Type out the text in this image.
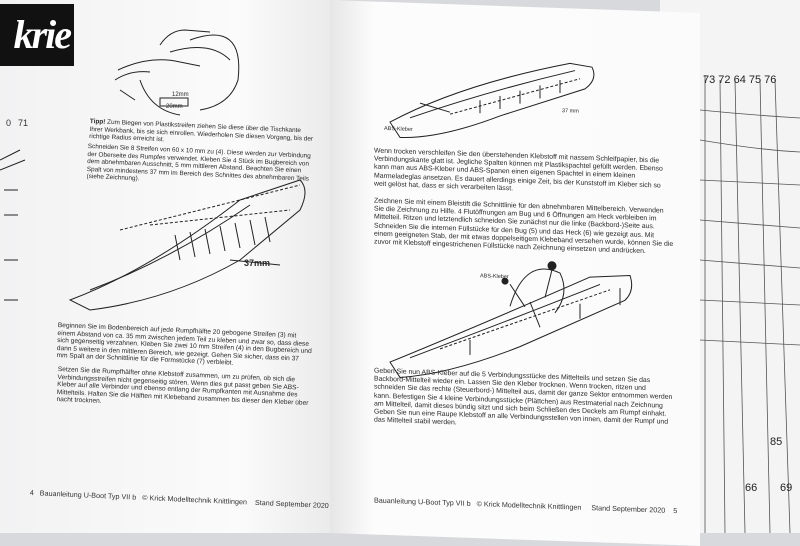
73 72 64 75 76
85
66 69
krie
0 71
12mm
20mm
37mm
Tipp! Zum Biegen von Plastikstreifen ziehen Sie diese über die Tischkante Ihrer Werkbank, bis sie sich einrollen. Wiederholen Sie diesen Vorgang, bis der richtige Radius erreicht ist.
Schneiden Sie 8 Streifen von 60 x 10 mm zu (4). Diese werden zur Verbindung der Oberseite des Rumpfes verwendet. Kleben Sie 4 Stück im Bugbereich von dem abnehmbaren Ausschnitt, 5 mm mittleren Abstand. Beachten Sie einen Spalt von mindestens 37 mm im Bereich des Schnittes des abnehmbaren Teils (siehe Zeichnung).
Beginnen Sie im Bodenbereich auf jede Rumpfhälfte 20 gebogene Streifen (3) mit einem Abstand von ca. 35 mm zwischen jedem Teil zu kleben und zwar so, dass diese sich gegenseitig verzahnen. Kleben Sie zwei 10 mm Streifen (4) in den Bugbereich und dann 5 weitere in den mittleren Bereich, wie gezeigt. Gehen Sie sicher, dass ein 37 mm Spalt an der Schnittlinie für die Formstücke (7) verbleibt.
Setzen Sie die Rumpfhälfter ohne Klebstoff zusammen, um zu prüfen, ob sich die Verbindungsstreifen nicht gegenseitig stören. Wenn dies gut passt geben Sie ABS-Kleber auf alle Verbinder und ebenso entlang der Rumpfkanten mit Ausnahme des Mittelteils. Halten Sie die Hälften mit Klebeband zusammen bis dieser den Kleber über nacht trocknen.
4 Bauanleitung U-Boot Typ VII b © Krick Modelltechnik Knittlingen Stand September 2020
ABS-Kleber
37 mm
ABS-Kleber
Wenn trocken verschleifen Sie den überstehenden Klebstoff mit nassem Schleifpapier, bis die Verbindungskante glatt ist. Jegliche Spalten können mit Plastikspachtel gefüllt werden. Ebenso kann man aus ABS-Kleber und ABS-Spanen einen eigenen Spachtel in einem kleinen Marmeladeglas ansetzen. Es dauert allerdings einige Zeit, bis der Kunststoff im Kleber sich so weit gelöst hat, dass er sich verarbeiten lässt.
Zeichnen Sie mit einem Bleistift die Schnittlinie für den abnehmbaren Mittelbereich. Verwenden Sie die Zeichnung zu Hilfe. 4 Flutöffnungen am Bug und 6 Öffnungen am Heck verbleiben im Mittelteil. Ritzen und letztendlich schneiden Sie zunächst nur die linke (Backbord-)Seite aus. Schneiden Sie die internen Füllstücke für den Bug (5) und das Heck (6) wie gezeigt aus. Mit einem geeigneten Stab, der mit etwas doppelseitigem Klebeband versehen wurde, können Sie die zuvor mit Klebstoff eingestrichenen Füllstücke nach Zeichnung einsetzen und andrücken.
Geben Sie nun ABS-Kleber auf die 5 Verbindungsstücke des Mittelteils und setzen Sie das Backbord-Mittelteil wieder ein. Lassen Sie den Kleber trocknen. Wenn trocken, ritzen und schneiden Sie das rechte (Steuerbord-) Mittelteil aus, damit der ganze Sektor entnommen werden kann. Befestigen Sie 4 kleine Verbindungsstücke (Plättchen) aus Restmaterial nach Zeichnung am Mittelteil, damit dieses bündig sitzt und sich beim Schließen des Deckels am Rumpf einhakt. Geben Sie nun eine Raupe Klebstoff an alle Verbindungsstellen von innen, damit der Rumpf und das Mittelteil stabil werden.
Bauanleitung U-Boot Typ VII b © Krick Modelltechnik Knittlingen Stand September 2020 5
